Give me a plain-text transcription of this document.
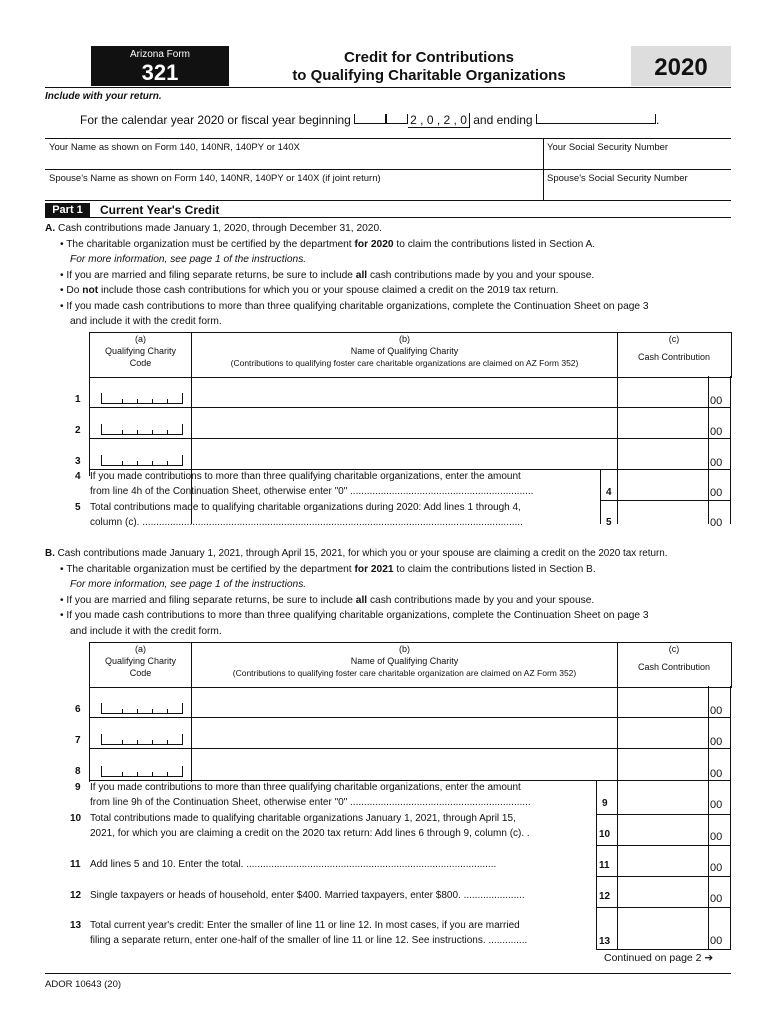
Arizona Form
321
Credit for Contributions
to Qualifying Charitable Organizations	2020
Include with your return.
For the calendar year 2020 or fiscal year beginning	2 , 0 , 2 , 0 and ending	.
Your Name as shown on Form 140, 140NR, 140PY or 140X	Your Social Security Number
Spouse's Name as shown on Form 140, 140NR, 140PY or 140X (if joint return)	Spouse's Social Security Number
Part 1	Current Year's Credit
A. Cash contributions made January 1, 2020, through December 31, 2020.
• The charitable organization must be certified by the department for 2020 to claim the contributions listed in Section A.
For more information, see page 1 of the instructions.
• If you are married and filing separate returns, be sure to include all cash contributions made by you and your spouse.
• Do not include those cash contributions for which you or your spouse claimed a credit on the 2019 tax return.
• If you made cash contributions to more than three qualifying charitable organizations, complete the Continuation Sheet on page 3
and include it with the credit form.
(a)
Qualifying Charity
Code
(b)
Name of Qualifying Charity
(Contributions to qualifying foster care charitable organizations are claimed on AZ Form 352)
(c)
Cash Contribution
1	00
2	00
3	00
4 If you made contributions to more than three qualifying charitable organizations, enter the amount
from line 4h of the Continuation Sheet, otherwise enter "0" ..................................................................	4	00
5 Total contributions made to qualifying charitable organizations during 2020: Add lines 1 through 4,
column (c). .........................................................................................................................................	5	00
B. Cash contributions made January 1, 2021, through April 15, 2021, for which you or your spouse are claiming a credit on the 2020 tax return.
• The charitable organization must be certified by the department for 2021 to claim the contributions listed in Section B.
For more information, see page 1 of the instructions.
• If you are married and filing separate returns, be sure to include all cash contributions made by you and your spouse.
• If you made cash contributions to more than three qualifying charitable organizations, complete the Continuation Sheet on page 3
and include it with the credit form.
(a)
Qualifying Charity
Code
(b)
Name of Qualifying Charity
(Contributions to qualifying foster care charitable organization are claimed on AZ Form 352)
(c)
Cash Contribution
6	00
7	00
8	00
9 If you made contributions to more than three qualifying charitable organizations, enter the amount
from line 9h of the Continuation Sheet, otherwise enter "0" .................................................................	9	00
10 Total contributions made to qualifying charitable organizations January 1, 2021, through April 15,
2021, for which you are claiming a credit on the 2020 tax return: Add lines 6 through 9, column (c). .	10	00
11 Add lines 5 and 10. Enter the total. ..........................................................................................	11	00
12 Single taxpayers or heads of household, enter $400. Married taxpayers, enter $800. ......................	12	00
13 Total current year's credit: Enter the smaller of line 11 or line 12. In most cases, if you are married
filing a separate return, enter one-half of the smaller of line 11 or line 12. See instructions. ..............	13	00
Continued on page 2 ➔
ADOR 10643 (20)
